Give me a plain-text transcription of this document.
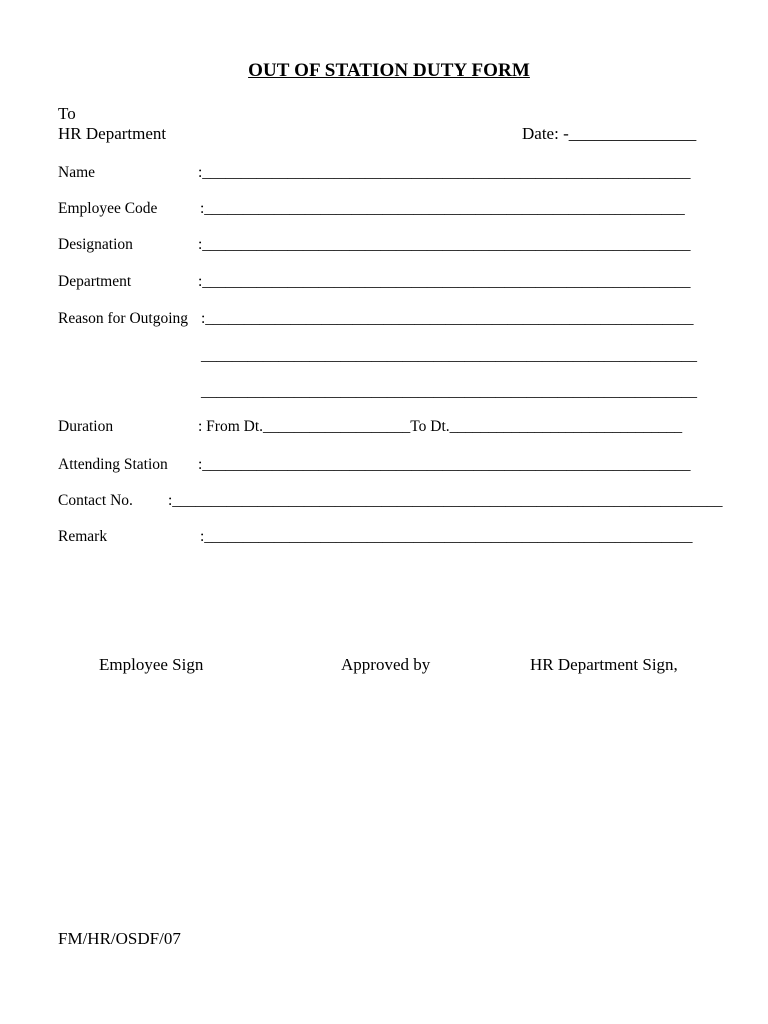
OUT OF STATION DUTY FORM
To
HR Department	Date: -_______________
Name	:_______________________________________________________________
Employee Code	:______________________________________________________________
Designation	:_______________________________________________________________
Department	:_______________________________________________________________
Reason for Outgoing :_______________________________________________________________
________________________________________________________________
________________________________________________________________
Duration	: From Dt.___________________To Dt.______________________________
Attending Station :_______________________________________________________________
Contact No. :_______________________________________________________________________
Remark	:_______________________________________________________________
Employee Sign	Approved by	HR Department Sign,
FM/HR/OSDF/07
